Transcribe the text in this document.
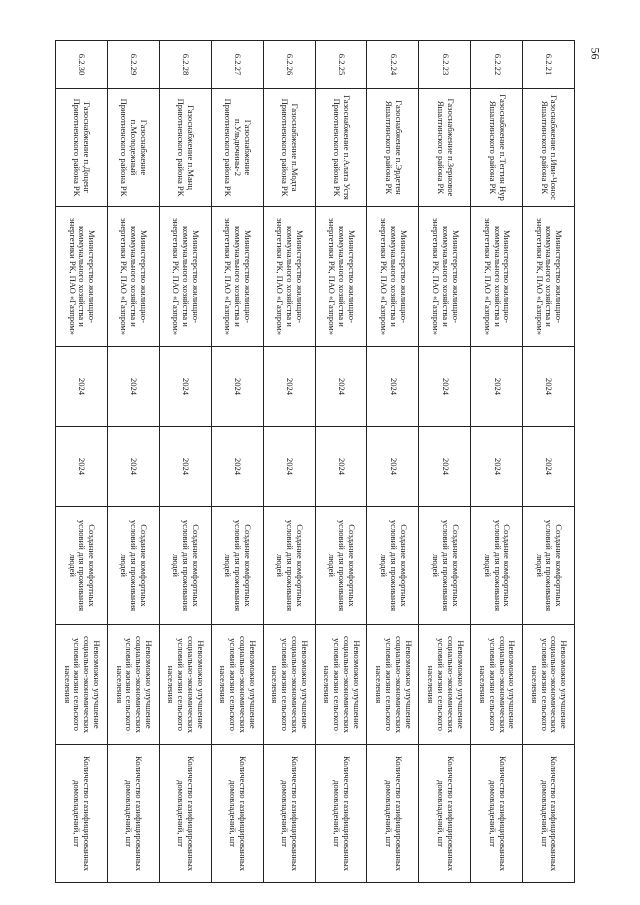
56
6.2.21	Газоснабжение п.Иви-Чонос Яшалтинского района РК	Министерство жилищно-коммунального хозяйства и энергетики РК, ПАО «Газпром»	2024	2024	Создание комфортных условий для проживания людей	Невозможно улучшение социально-экономических условий жизни сельского населения	Количество газифицированных домовладений, шт
6.2.22	Газоснабжение п.Тегтин Нур Яшалтинского района РК	Министерство жилищно-коммунального хозяйства и энергетики РК, ПАО «Газпром»	2024	2024	Создание комфортных условий для проживания людей	Невозможно улучшение социально-экономических условий жизни сельского населения	Количество газифицированных домовладений, шт
6.2.23	Газоснабжение п.Зерновое Яшалтинского района РК	Министерство жилищно-коммунального хозяйства и энергетики РК, ПАО «Газпром»	2024	2024	Создание комфортных условий для проживания людей	Невозможно улучшение социально-экономических условий жизни сельского населения	Количество газифицированных домовладений, шт
6.2.24	Газоснабжение п.Эрдетен Яшалтинского района РК	Министерство жилищно-коммунального хозяйства и энергетики РК, ПАО «Газпром»	2024	2024	Создание комфортных условий для проживания людей	Невозможно улучшение социально-экономических условий жизни сельского населения	Количество газифицированных домовладений, шт
6.2.25	Газоснабжение п.Алата Устя Приютненского района РК	Министерство жилищно-коммунального хозяйства и энергетики РК, ПАО «Газпром»	2024	2024	Создание комфортных условий для проживания людей	Невозможно улучшение социально-экономических условий жизни сельского населения	Количество газифицированных домовладений, шт
6.2.26	Газоснабжение п.Модта Приютненского района РК	Министерство жилищно-коммунального хозяйства и энергетики РК, ПАО «Газпром»	2024	2024	Создание комфортных условий для проживания людей	Невозможно улучшение социально-экономических условий жизни сельского населения	Количество газифицированных домовладений, шт
6.2.27	Газоснабжение п.Ульдючины-2 Приютненского района РК	Министерство жилищно-коммунального хозяйства и энергетики РК, ПАО «Газпром»	2024	2024	Создание комфортных условий для проживания людей	Невозможно улучшение социально-экономических условий жизни сельского населения	Количество газифицированных домовладений, шт
6.2.28	Газоснабжение п.Манц Приютненского района РК	Министерство жилищно-коммунального хозяйства и энергетики РК, ПАО «Газпром»	2024	2024	Создание комфортных условий для проживания людей	Невозможно улучшение социально-экономических условий жизни сельского населения	Количество газифицированных домовладений, шт
6.2.29	Газоснабжение п.Молодежный Приютненского района РК	Министерство жилищно-коммунального хозяйства и энергетики РК, ПАО «Газпром»	2024	2024	Создание комфортных условий для проживания людей	Невозможно улучшение социально-экономических условий жизни сельского населения	Количество газифицированных домовладений, шт
6.2.30	Газоснабжение п.Доценг Приютненского района РК	Министерство жилищно-коммунального хозяйства и энергетики РК, ПАО «Газпром»	2024	2024	Создание комфортных условий для проживания людей	Невозможно улучшение социально-экономических условий жизни сельского населения	Количество газифицированных домовладений, шт
